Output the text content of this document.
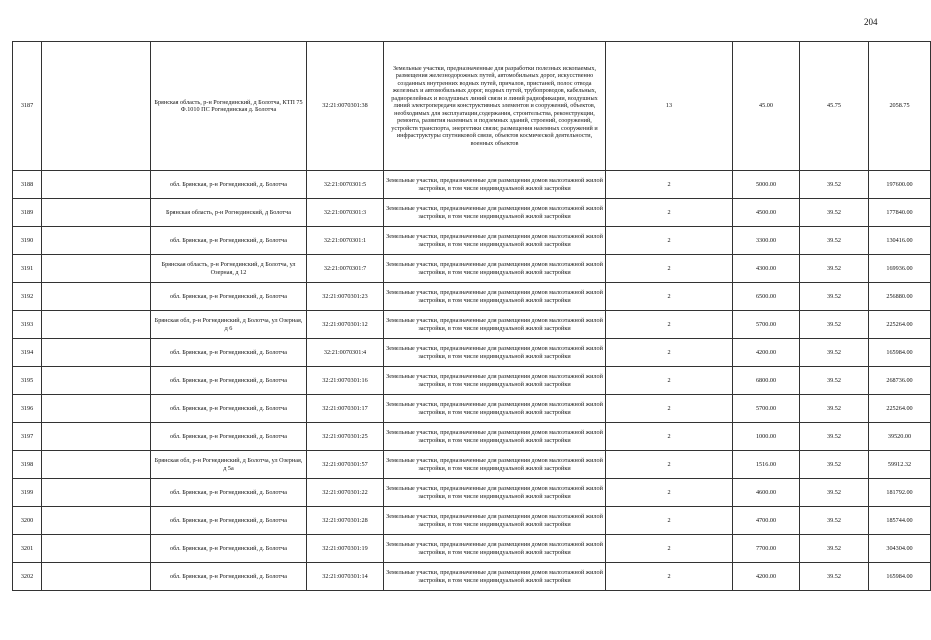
204
3187		Брянская область, р-н Рогнединский, д Болотча, КТП 75 Ф.1010 ПС Рогнединская д. Болотча	32:21:0070301:38	Земельные участки, предназначенные для разработки полезных ископаемых, размещения железнодорожных путей, автомобильных дорог, искусственно созданных внутренних водных путей, причалов, пристаней, полос отвода железных и автомобильных дорог, водных путей, трубопроводов, кабельных, радиорелейных и воздушных линий связи и линий радиофикации, воздушных линий электропередачи конструктивных элементов и сооружений, объектов, необходимых для эксплуатации,содержания, строительства, реконструкции, ремонта, развития наземных и подземных зданий, строений, сооружений, устройств транспорта, энергетики связи; размещения наземных сооружений и инфраструктуры спутниковой связи, объектов космической деятельности, военных объектов	13	45.00	45.75	2058.75
3188		обл. Брянская, р-н Рогнединский, д. Болотча	32:21:0070301:5	Земельные участки, предназначенные для размещения домов малоэтажной жилой застройки, в том числе индивидуальной жилой застройки	2	5000.00	39.52	197600.00
3189		Брянская область, р-н Рогнединский, д Болотча	32:21:0070301:3	Земельные участки, предназначенные для размещения домов малоэтажной жилой застройки, в том числе индивидуальной жилой застройки	2	4500.00	39.52	177840.00
3190		обл. Брянская, р-н Рогнединский, д. Болотча	32:21:0070301:1	Земельные участки, предназначенные для размещения домов малоэтажной жилой застройки, в том числе индивидуальной жилой застройки	2	3300.00	39.52	130416.00
3191		Брянская область, р-н Рогнединский, д Болотча, ул Озерная, д 12	32:21:0070301:7	Земельные участки, предназначенные для размещения домов малоэтажной жилой застройки, в том числе индивидуальной жилой застройки	2	4300.00	39.52	169936.00
3192		обл. Брянская, р-н Рогнединский, д. Болотча	32:21:0070301:23	Земельные участки, предназначенные для размещения домов малоэтажной жилой застройки, в том числе индивидуальной жилой застройки	2	6500.00	39.52	256880.00
3193		Брянская обл, р-н Рогнединский, д Болотча, ул Озерная, д 6	32:21:0070301:12	Земельные участки, предназначенные для размещения домов малоэтажной жилой застройки, в том числе индивидуальной жилой застройки	2	5700.00	39.52	225264.00
3194		обл. Брянская, р-н Рогнединский, д. Болотча	32:21:0070301:4	Земельные участки, предназначенные для размещения домов малоэтажной жилой застройки, в том числе индивидуальной жилой застройки	2	4200.00	39.52	165984.00
3195		обл. Брянская, р-н Рогнединский, д. Болотча	32:21:0070301:16	Земельные участки, предназначенные для размещения домов малоэтажной жилой застройки, в том числе индивидуальной жилой застройки	2	6800.00	39.52	268736.00
3196		обл. Брянская, р-н Рогнединский, д. Болотча	32:21:0070301:17	Земельные участки, предназначенные для размещения домов малоэтажной жилой застройки, в том числе индивидуальной жилой застройки	2	5700.00	39.52	225264.00
3197		обл. Брянская, р-н Рогнединский, д. Болотча	32:21:0070301:25	Земельные участки, предназначенные для размещения домов малоэтажной жилой застройки, в том числе индивидуальной жилой застройки	2	1000.00	39.52	39520.00
3198		Брянская обл, р-н Рогнединский, д Болотча, ул Озерная, д 5а	32:21:0070301:57	Земельные участки, предназначенные для размещения домов малоэтажной жилой застройки, в том числе индивидуальной жилой застройки	2	1516.00	39.52	59912.32
3199		обл. Брянская, р-н Рогнединский, д. Болотча	32:21:0070301:22	Земельные участки, предназначенные для размещения домов малоэтажной жилой застройки, в том числе индивидуальной жилой застройки	2	4600.00	39.52	181792.00
3200		обл. Брянская, р-н Рогнединский, д. Болотча	32:21:0070301:28	Земельные участки, предназначенные для размещения домов малоэтажной жилой застройки, в том числе индивидуальной жилой застройки	2	4700.00	39.52	185744.00
3201		обл. Брянская, р-н Рогнединский, д. Болотча	32:21:0070301:19	Земельные участки, предназначенные для размещения домов малоэтажной жилой застройки, в том числе индивидуальной жилой застройки	2	7700.00	39.52	304304.00
3202		обл. Брянская, р-н Рогнединский, д. Болотча	32:21:0070301:14	Земельные участки, предназначенные для размещения домов малоэтажной жилой застройки, в том числе индивидуальной жилой застройки	2	4200.00	39.52	165984.00
